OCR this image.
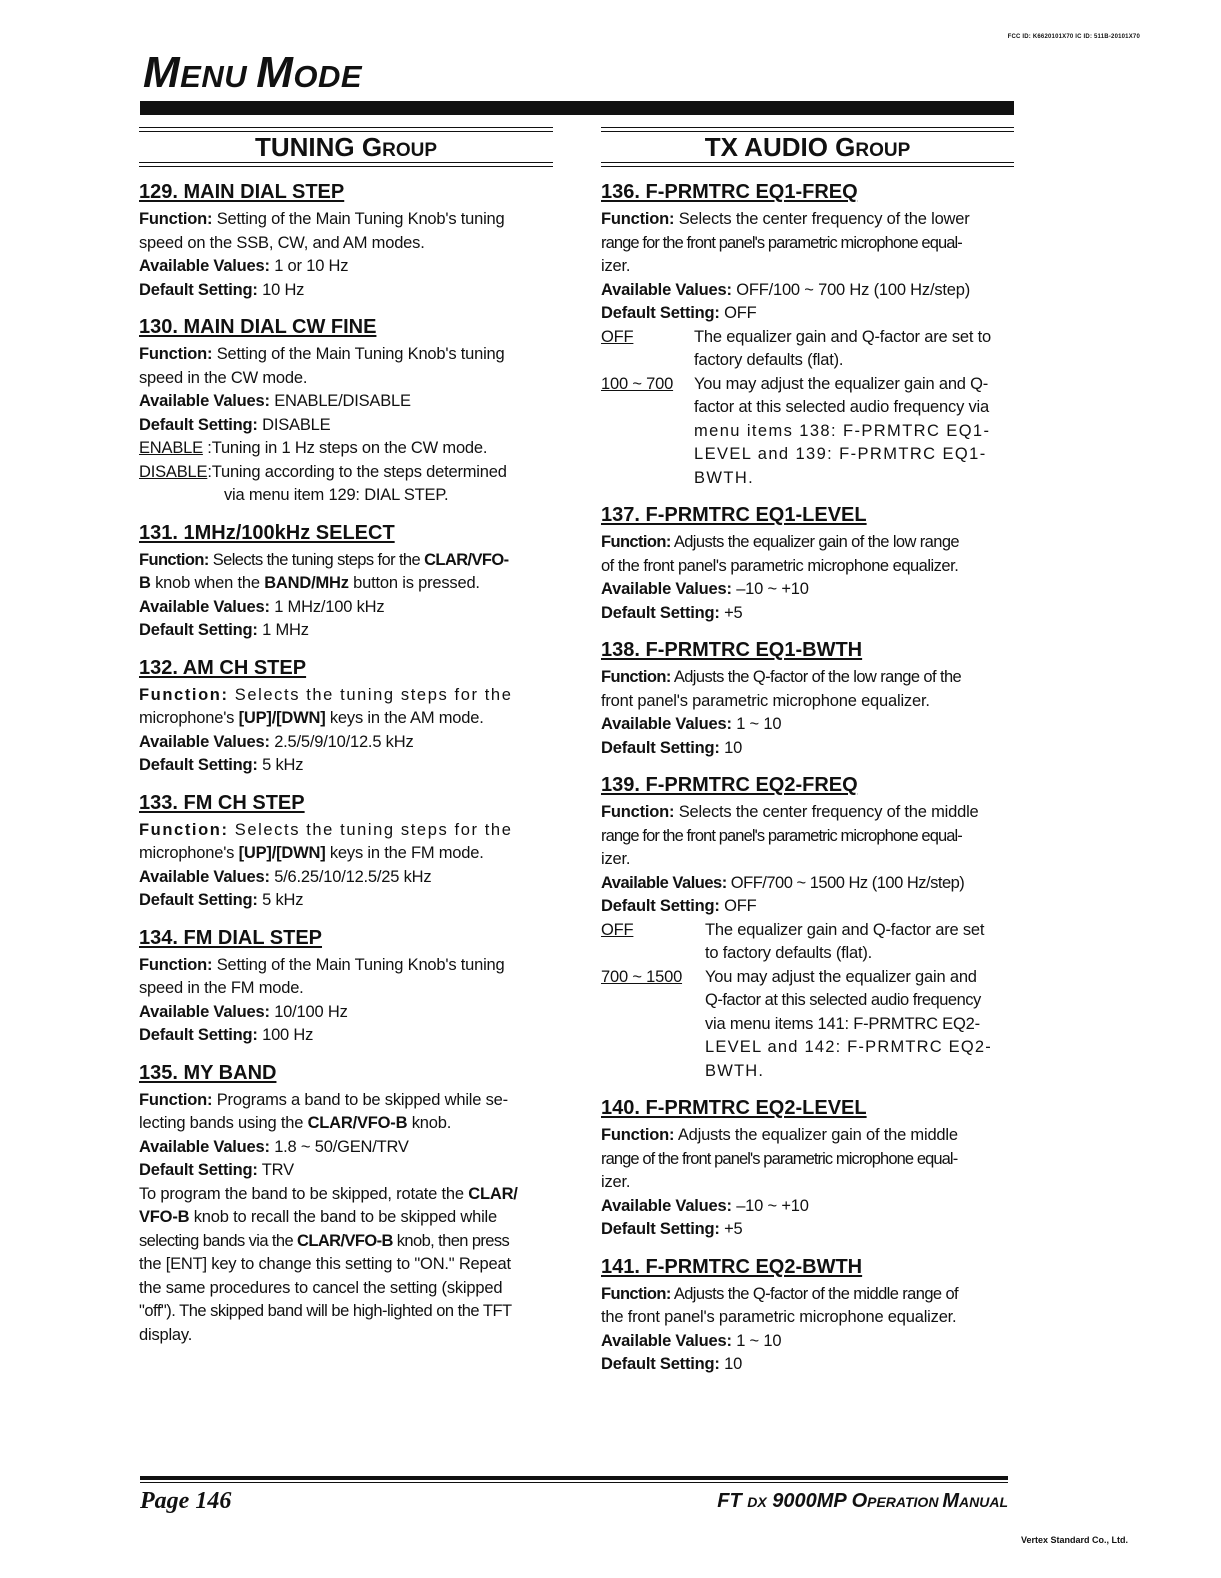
FCC ID: K6620101X70 IC ID: 511B-20101X70
MENU MODE
TUNING GROUP
129. MAIN DIAL STEP

Function: Setting of the Main Tuning Knob's tuning

speed on the SSB, CW, and AM modes.

Available Values: 1 or 10 Hz

Default Setting: 10 Hz

130. MAIN DIAL CW FINE

Function: Setting of the Main Tuning Knob's tuning

speed in the CW mode.

Available Values: ENABLE/DISABLE

Default Setting: DISABLE

ENABLE :Tuning in 1 Hz steps on the CW mode.

DISABLE:Tuning according to the steps determined

via menu item 129: DIAL STEP.
131. 1MHz/100kHz SELECT

Function: Selects the tuning steps for the CLAR/VFO-

B knob when the BAND/MHz button is pressed.

Available Values: 1 MHz/100 kHz

Default Setting: 1 MHz

132. AM CH STEP

Function: Selects the tuning steps for the

microphone's [UP]/[DWN] keys in the AM mode.

Available Values: 2.5/5/9/10/12.5 kHz

Default Setting: 5 kHz

133. FM CH STEP

Function: Selects the tuning steps for the

microphone's [UP]/[DWN] keys in the FM mode.

Available Values: 5/6.25/10/12.5/25 kHz

Default Setting: 5 kHz

134. FM DIAL STEP

Function: Setting of the Main Tuning Knob's tuning

speed in the FM mode.

Available Values: 10/100 Hz

Default Setting: 100 Hz

135. MY BAND

Function: Programs a band to be skipped while se-

lecting bands using the CLAR/VFO-B knob.

Available Values: 1.8 ~ 50/GEN/TRV

Default Setting: TRV

To program the band to be skipped, rotate the CLAR/

VFO-B knob to recall the band to be skipped while

selecting bands via the CLAR/VFO-B knob, then press

the [ENT] key to change this setting to "ON." Repeat

the same procedures to cancel the setting (skipped

"off"). The skipped band will be high-lighted on the TFT

display.

TX AUDIO GROUP
136. F-PRMTRC EQ1-FREQ

Function: Selects the center frequency of the lower

range for the front panel's parametric microphone equal-

izer.

Available Values: OFF/100 ~ 700 Hz (100 Hz/step)

Default Setting: OFF

OFF	The equalizer gain and Q-factor are set to
factory defaults (flat).
100 ~ 700	You may adjust the equalizer gain and Q-
factor at this selected audio frequency via
menu items 138: F-PRMTRC EQ1-
LEVEL and 139: F-PRMTRC EQ1-
BWTH.
137. F-PRMTRC EQ1-LEVEL

Function: Adjusts the equalizer gain of the low range

of the front panel's parametric microphone equalizer.

Available Values: –10 ~ +10

Default Setting: +5

138. F-PRMTRC EQ1-BWTH

Function: Adjusts the Q-factor of the low range of the

front panel's parametric microphone equalizer.

Available Values: 1 ~ 10

Default Setting: 10

139. F-PRMTRC EQ2-FREQ

Function: Selects the center frequency of the middle

range for the front panel's parametric microphone equal-

izer.

Available Values: OFF/700 ~ 1500 Hz (100 Hz/step)

Default Setting: OFF

OFF	The equalizer gain and Q-factor are set
to factory defaults (flat).
700 ~ 1500	You may adjust the equalizer gain and
Q-factor at this selected audio frequency
via menu items 141: F-PRMTRC EQ2-
LEVEL and 142: F-PRMTRC EQ2-
BWTH.
140. F-PRMTRC EQ2-LEVEL

Function: Adjusts the equalizer gain of the middle

range of the front panel's parametric microphone equal-

izer.

Available Values: –10 ~ +10

Default Setting: +5

141. F-PRMTRC EQ2-BWTH

Function: Adjusts the Q-factor of the middle range of

the front panel's parametric microphone equalizer.

Available Values: 1 ~ 10

Default Setting: 10

Page 146	FT DX 9000MP OPERATION MANUAL
Vertex Standard Co., Ltd.
